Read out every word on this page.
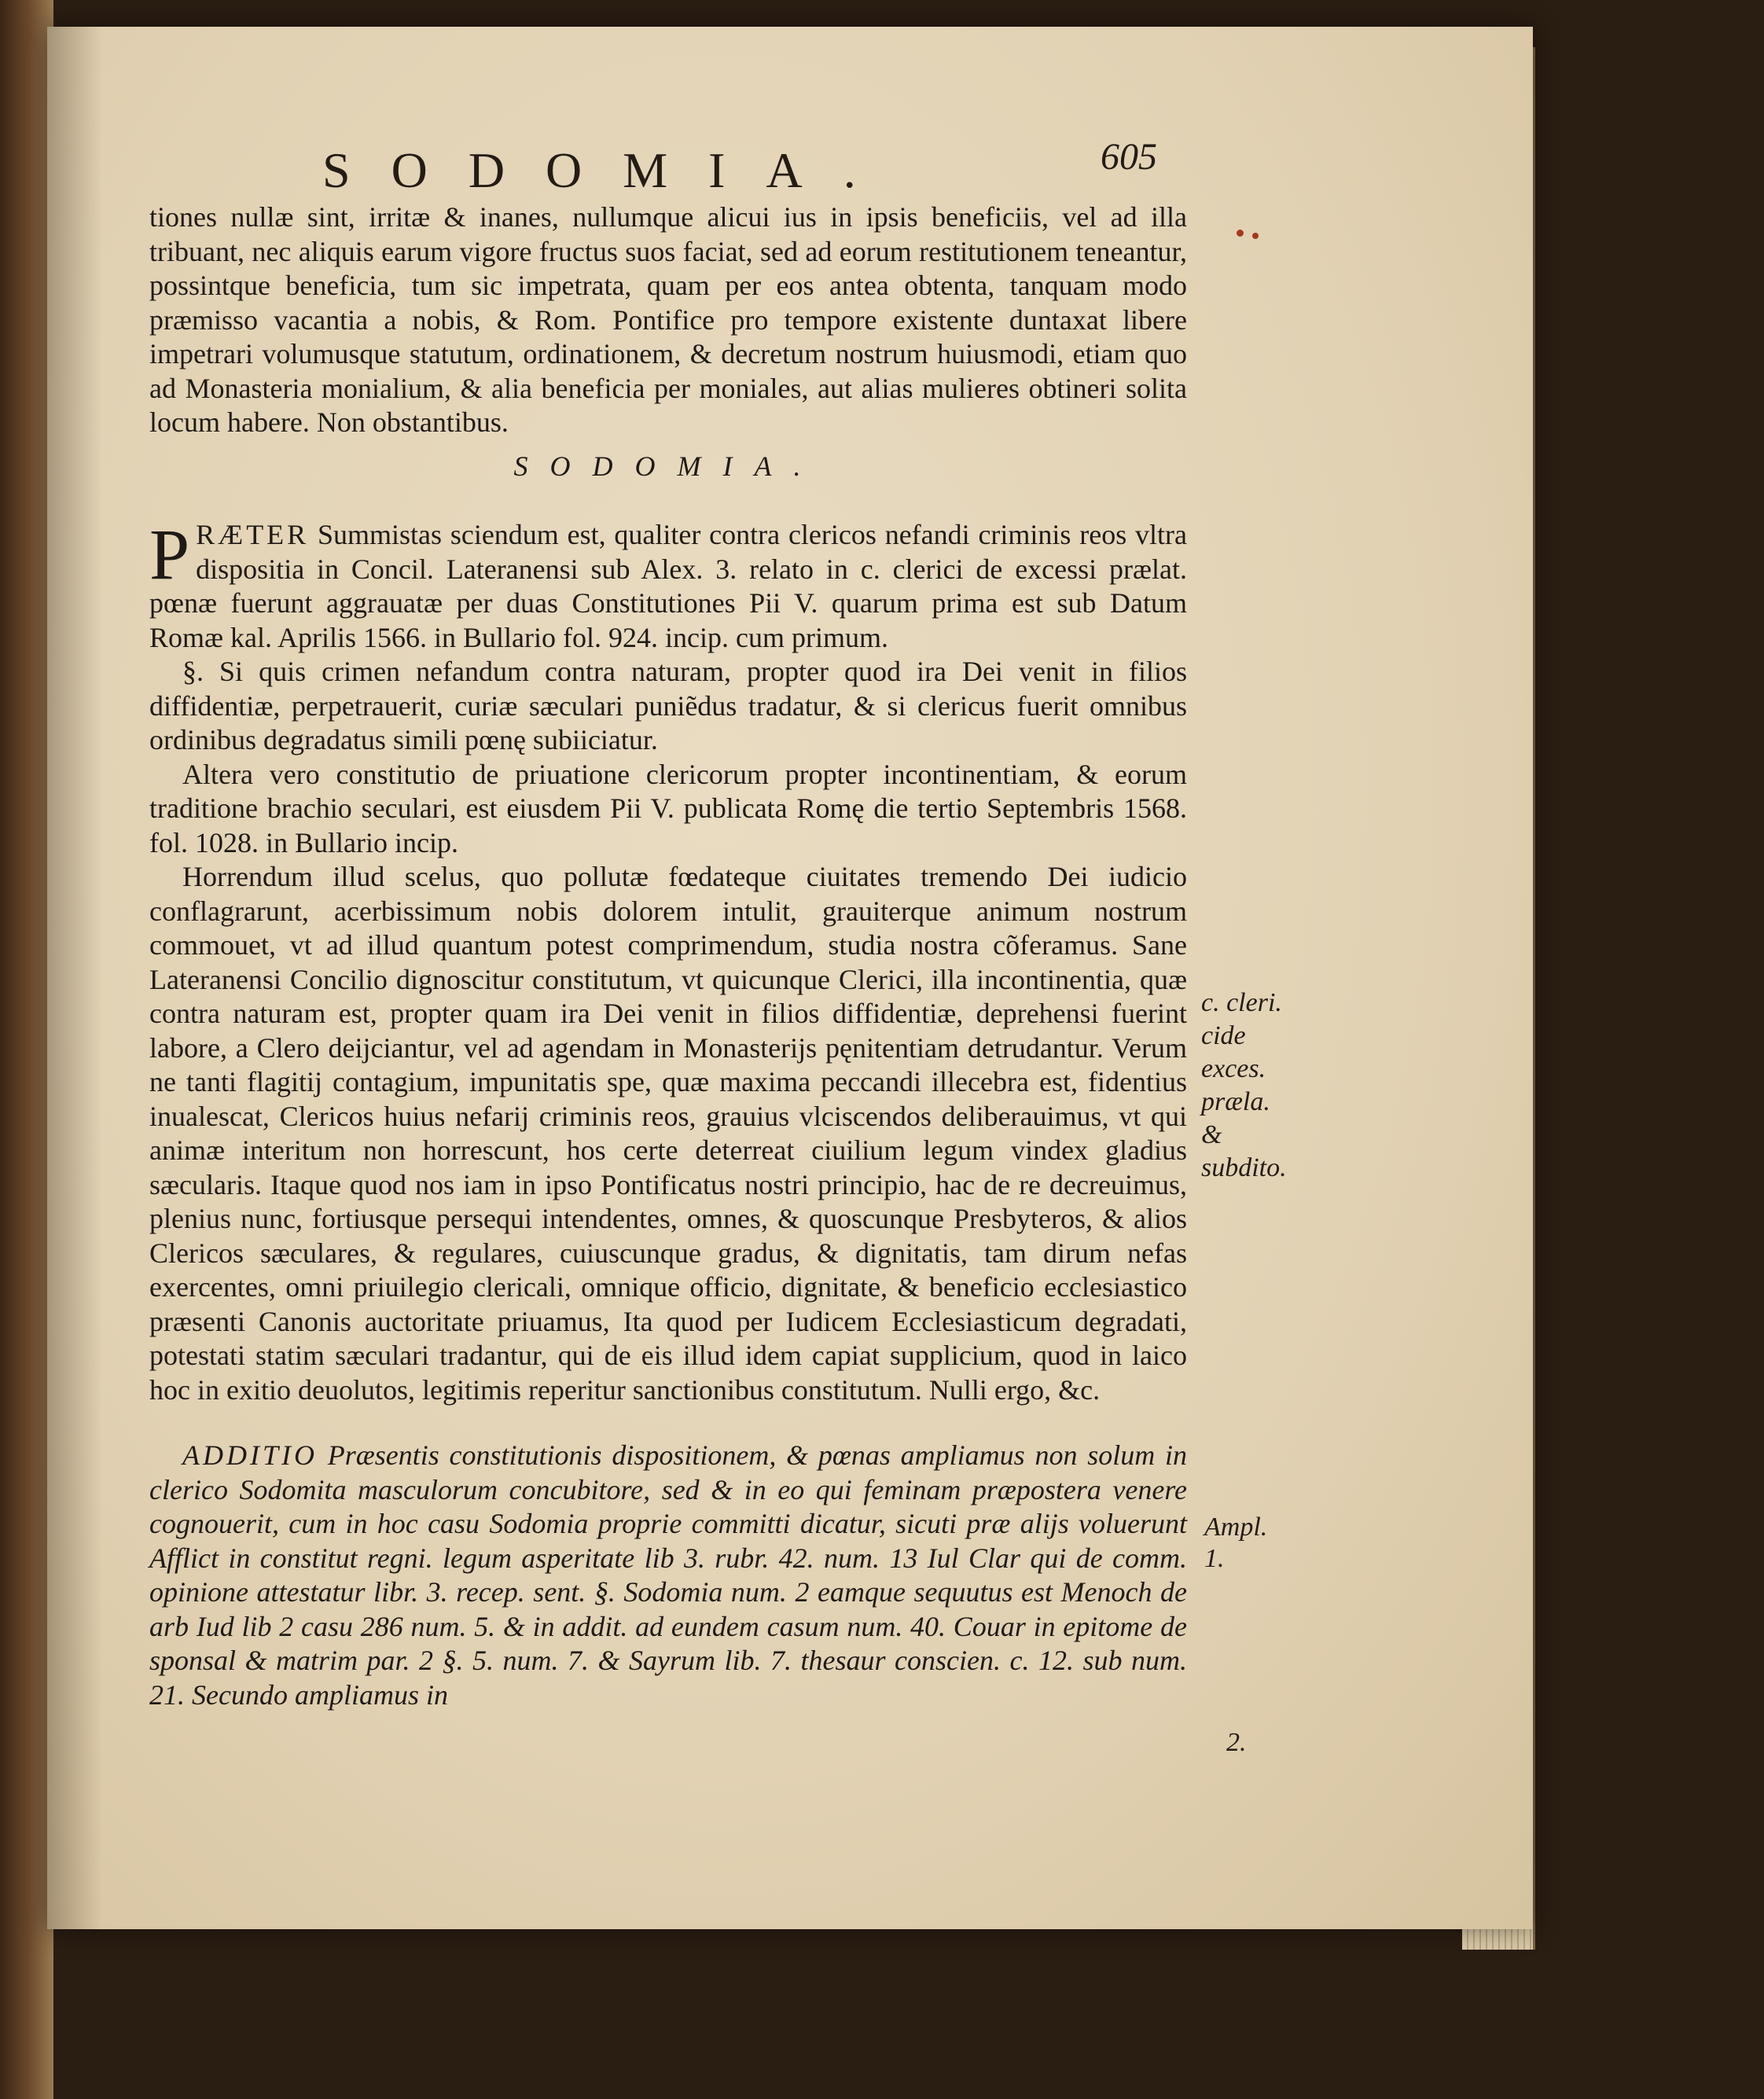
SODOMIA.	605

tiones nullæ sint, irritæ & inanes, nullumque alicui ius in ipsis beneficiis, vel ad illa tribuant, nec aliquis earum vigore fructus suos faciat, sed ad eorum restitutionem teneantur, possintque beneficia, tum sic impetrata, quam per eos antea obtenta, tanquam modo præmisso vacantia a nobis, & Rom. Pontifice pro tempore existente duntaxat libere impetrari volumusque statutum, ordinationem, & decretum nostrum huiusmodi, etiam quo ad Monasteria monialium, & alia beneficia per moniales, aut alias mulieres obtineri solita locum habere. Non obstantibus.

SODOMIA.

PRÆTER Summistas sciendum est, qualiter contra clericos nefandi criminis reos vltra dispositia in Concil. Lateranensi sub Alex. 3. relato in c. clerici de excessi prælat. pœnæ fuerunt aggrauatæ per duas Constitutiones Pii V. quarum prima est sub Datum Romæ kal. Aprilis 1566. in Bullario fol. 924. incip. cum primum.

§. Si quis crimen nefandum contra naturam, propter quod ira Dei venit in filios diffidentiæ, perpetrauerit, curiæ sæculari puniẽdus tradatur, & si clericus fuerit omnibus ordinibus degradatus simili pœnę subiiciatur.

Altera vero constitutio de priuatione clericorum propter incontinentiam, & eorum traditione brachio seculari, est eiusdem Pii V. publicata Romę die tertio Septembris 1568. fol. 1028. in Bullario incip.

Horrendum illud scelus, quo pollutæ fœdateque ciuitates tremendo Dei iudicio conflagrarunt, acerbissimum nobis dolorem intulit, grauiterque animum nostrum commouet, vt ad illud quantum potest comprimendum, studia nostra cõferamus. Sane Lateranensi Concilio dignoscitur constitutum, vt quicunque Clerici, illa incontinentia, quæ contra naturam est, propter quam ira Dei venit in filios diffidentiæ, deprehensi fuerint labore, a Clero deijciantur, vel ad agendam in Monasterijs pęnitentiam detrudantur. Verum ne tanti flagitij contagium, impunitatis spe, quæ maxima peccandi illecebra est, fidentius inualescat, Clericos huius nefarij criminis reos, grauius vlciscendos deliberauimus, vt qui animæ interitum non horrescunt, hos certe deterreat ciuilium legum vindex gladius sæcularis. Itaque quod nos iam in ipso Pontificatus nostri principio, hac de re decreuimus, plenius nunc, fortiusque persequi intendentes, omnes, & quoscunque Presbyteros, & alios Clericos sæculares, & regulares, cuiuscunque gradus, & dignitatis, tam dirum nefas exercentes, omni priuilegio clericali, omnique officio, dignitate, & beneficio ecclesiastico præsenti Canonis auctoritate priuamus, Ita quod per Iudicem Ecclesiasticum degradati, potestati statim sæculari tradantur, qui de eis illud idem capiat supplicium, quod in laico hoc in exitio deuolutos, legitimis reperitur sanctionibus constitutum. Nulli ergo, &c.

ADDITIO Præsentis constitutionis dispositionem, & pœnas ampliamus non solum in clerico Sodomita masculorum concubitore, sed & in eo qui feminam præpostera venere cognouerit, cum in hoc casu Sodomia proprie committi dicatur, sicuti præ alijs voluerunt Afflict in constitut regni. legum asperitate lib 3. rubr. 42. num. 13 Iul Clar qui de comm. opinione attestatur libr. 3. recep. sent. §. Sodomia num. 2 eamque sequutus est Menoch de arb Iud lib 2 casu 286 num. 5. & in addit. ad eundem casum num. 40. Couar in epitome de sponsal & matrim par. 2 §. 5. num. 7. & Sayrum lib. 7. thesaur conscien. c. 12. sub num. 21. Secundo ampliamus in

c. cleri. cide exces. præla. & subdito.
Ampl.
1.
2.
